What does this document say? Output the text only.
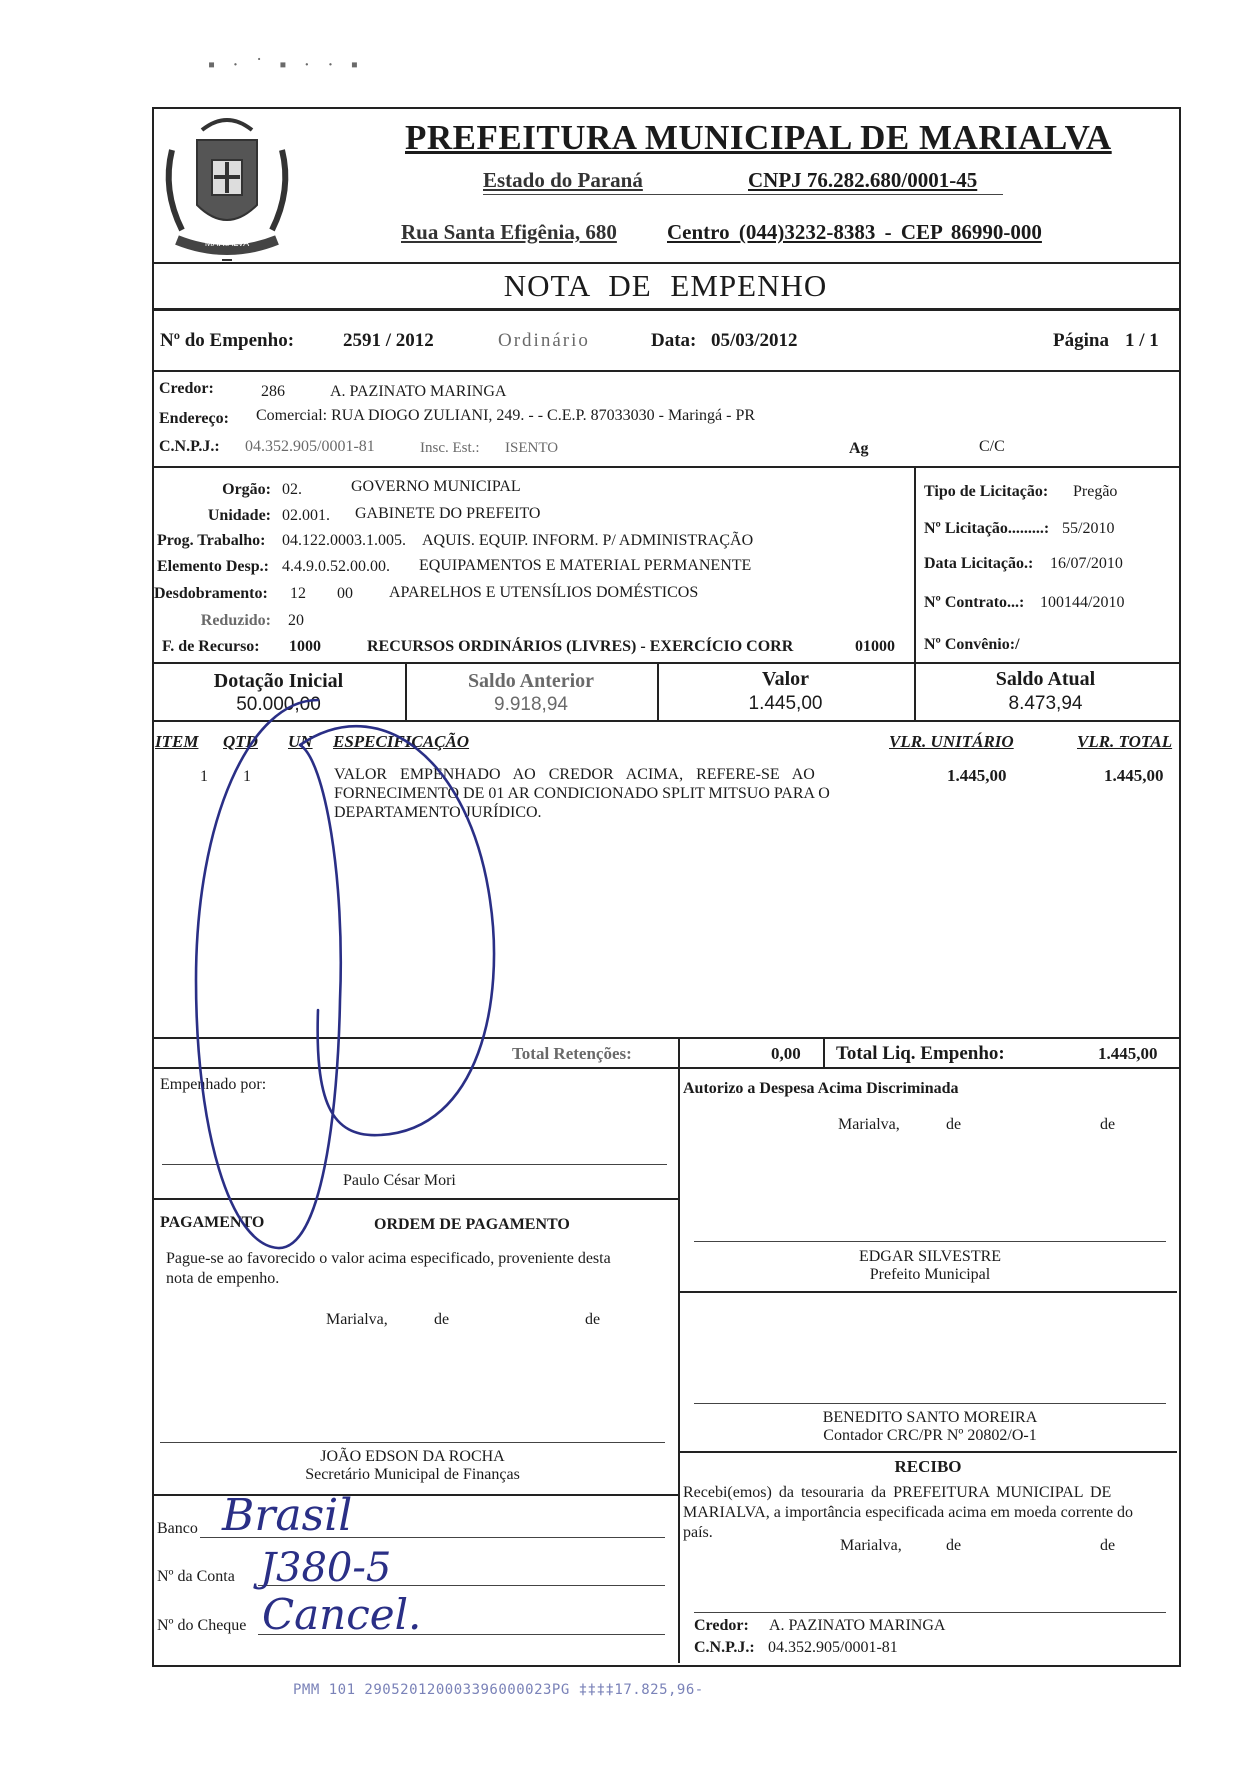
▪ · ˙ ▪ · · ▪
MARIALVA
PREFEITURA MUNICIPAL DE MARIALVA
Estado do Paraná	CNPJ 76.282.680/0001-45
Rua Santa Efigênia, 680 Centro (044)3232-8383 - CEP 86990-000
NOTA DE EMPENHO
Nº do Empenho:	2591 / 2012	Ordinário	Data: 05/03/2012	Página 1 / 1
Credor:	286	A. PAZINATO MARINGA
Endereço: Comercial: RUA DIOGO ZULIANI, 249. - - C.E.P. 87033030 - Maringá - PR
C.N.P.J.: 04.352.905/0001-81	Insc. Est.: ISENTO	Ag	C/C
Orgão: 02.	GOVERNO MUNICIPAL
Unidade: 02.001. GABINETE DO PREFEITO
Prog. Trabalho: 04.122.0003.1.005. AQUIS. EQUIP. INFORM. P/ ADMINISTRAÇÃO
Elemento Desp.: 4.4.9.0.52.00.00. EQUIPAMENTOS E MATERIAL PERMANENTE
Desdobramento: 12 00 APARELHOS E UTENSÍLIOS DOMÉSTICOS
Reduzido: 20
F. de Recurso: 1000	RECURSOS ORDINÁRIOS (LIVRES) - EXERCÍCIO CORR	01000
Tipo de Licitação: Pregão
Nº Licitação.........: 55/2010
Data Licitação.: 16/07/2010
Nº Contrato...: 100144/2010
Nº Convênio:/
Dotação Inicial
50.000,00
Saldo Anterior
9.918,94
Valor
1.445,00
Saldo Atual
8.473,94
ITEM QTD UN ESPECIFICAÇÃO	VLR. UNITÁRIO	VLR. TOTAL
1 1	VALOR EMPENHADO AO CREDOR ACIMA, REFERE-SE AO
FORNECIMENTO DE 01 AR CONDICIONADO SPLIT MITSUO PARA O
DEPARTAMENTO JURÍDICO.
1.445,00	1.445,00
Total Retenções:	0,00 Total Liq. Empenho:	1.445,00
Empenhado por:
Paulo César Mori
PAGAMENTO	ORDEM DE PAGAMENTO
Pague-se ao favorecido o valor acima especificado, proveniente desta
nota de empenho.
Marialva,	de	de
JOÃO EDSON DA ROCHA
Secretário Municipal de Finanças
Banco Brasil
Nº da Conta J380-5
Nº do Cheque Cancel.
Autorizo a Despesa Acima Discriminada
Marialva,	de	de
EDGAR SILVESTRE
Prefeito Municipal
BENEDITO SANTO MOREIRA
Contador CRC/PR Nº 20802/O-1
RECIBO
Recebi(emos) da tesouraria da PREFEITURA MUNICIPAL DE
MARIALVA, a importância especificada acima em moeda corrente do
país.
Marialva,	de	de
Credor: A. PAZINATO MARINGA
C.N.P.J.: 04.352.905/0001-81
PMM 101 290520120003396000023PG ‡‡‡‡17.825,96-
